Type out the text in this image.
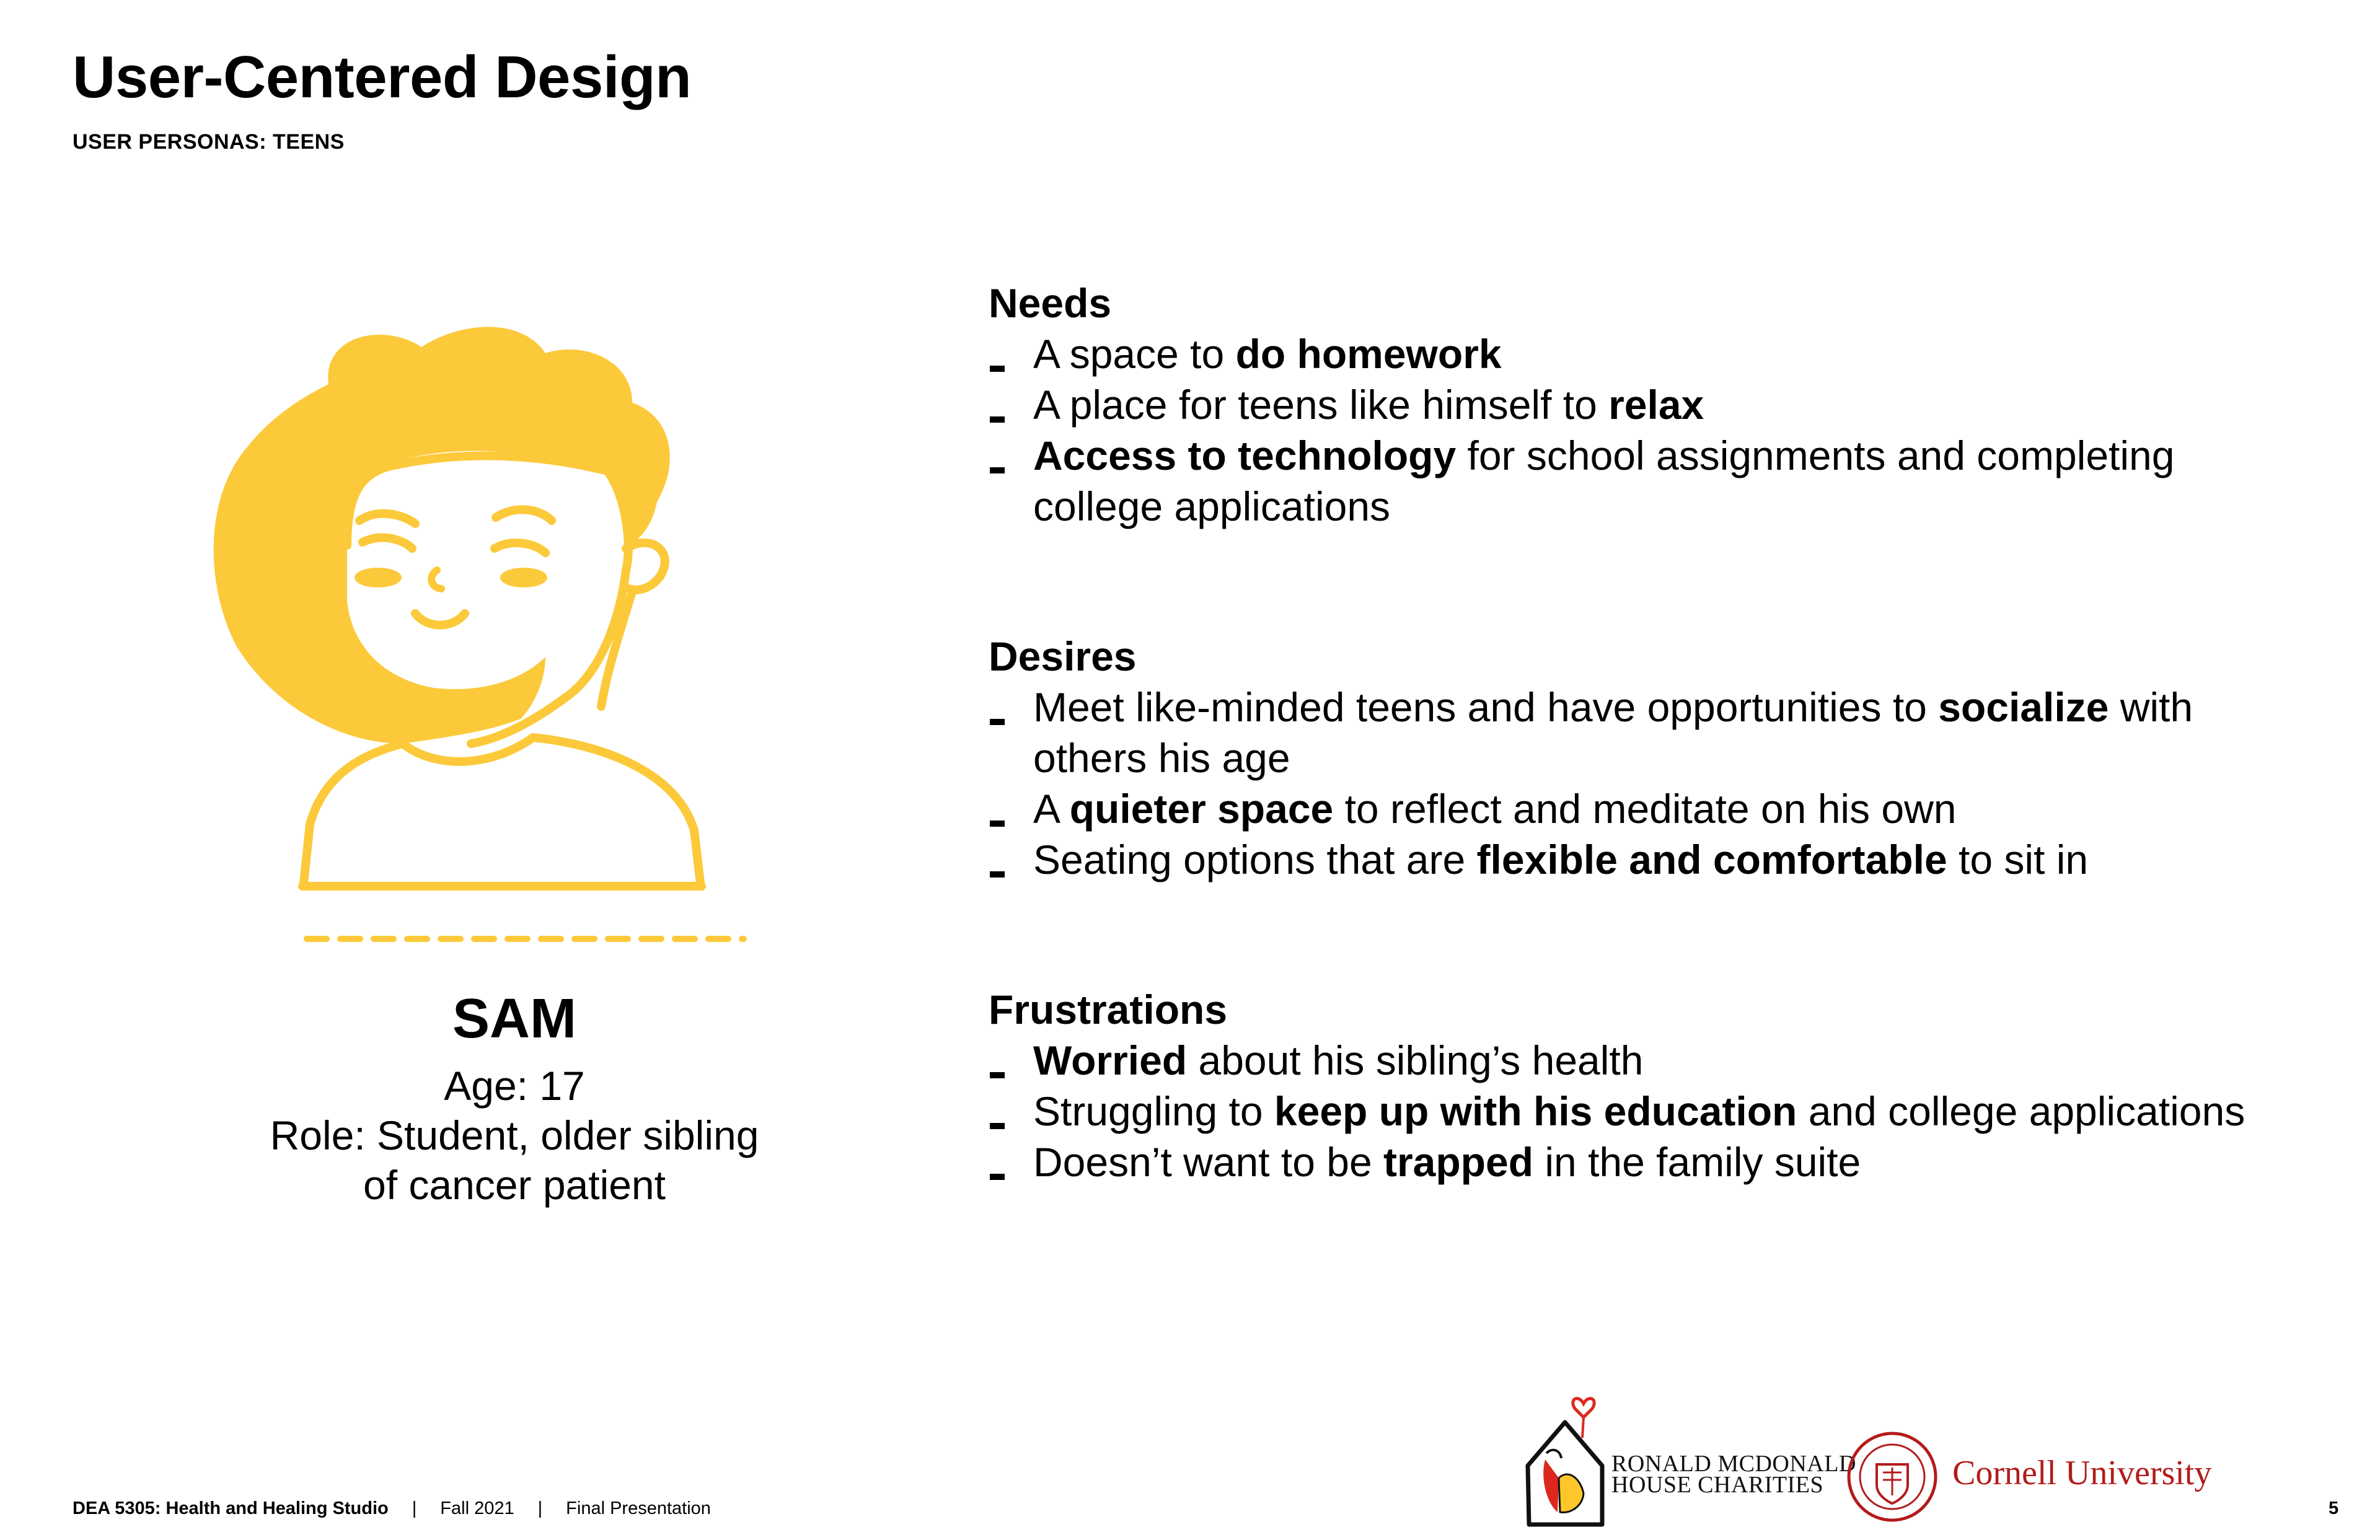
User-Centered Design
USER PERSONAS: TEENS
SAM
Age: 17
Role: Student, older sibling
of cancer patient
Needs
A space to do homework
A place for teens like himself to relax
Access to technology for school assignments and completing college applications
Desires
Meet like-minded teens and have opportunities to socialize with others his age
A quieter space to reflect and meditate on his own
Seating options that are flexible and comfortable to sit in
Frustrations
Worried about his sibling’s health
Struggling to keep up with his education and college applications
Doesn’t want to be trapped in the family suite
RONALD MCDONALD
HOUSE CHARITIES	Cornell University
DEA 5305: Health and Healing Studio | Fall 2021 | Final Presentation	5
